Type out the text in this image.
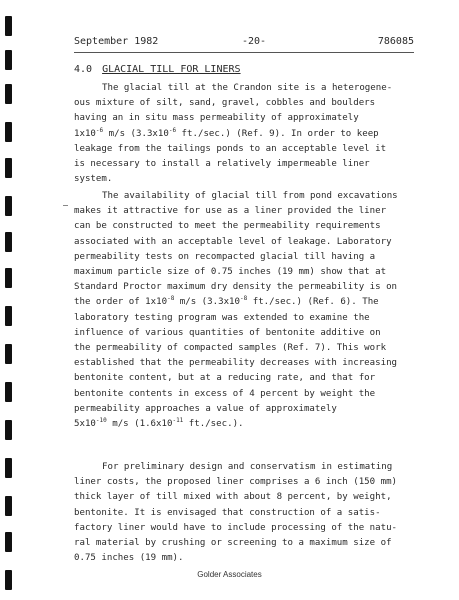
September 1982	-20-	786085
4.0 GLACIAL TILL FOR LINERS

The glacial till at the Crandon site is a heterogene-
ous mixture of silt, sand, gravel, cobbles and boulders
having an in situ mass permeability of approximately
$1x10^{-6}$ m/s ($3.3x10^{-6}$ ft./sec.) (Ref. 9). In order to keep
leakage from the tailings ponds to an acceptable level it
is necessary to install a relatively impermeable liner
system.

The availability of glacial till from pond excavations
makes it attractive for use as a liner provided the liner
can be constructed to meet the permeability requirements
associated with an acceptable level of leakage. Laboratory
permeability tests on recompacted glacial till having a
maximum particle size of 0.75 inches (19 mm) show that at
Standard Proctor maximum dry density the permeability is on
the order of $1x10^{-8}$ m/s ($3.3x10^{-8}$ ft./sec.) (Ref. 6). The
laboratory testing program was extended to examine the
influence of various quantities of bentonite additive on
the permeability of compacted samples (Ref. 7). This work
established that the permeability decreases with increasing
bentonite content, but at a reducing rate, and that for
bentonite contents in excess of 4 percent by weight the
permeability approaches a value of approximately
$5x10^{-10}$ m/s ($1.6x10^{-11}$ ft./sec.).

For preliminary design and conservatism in estimating
liner costs, the proposed liner comprises a 6 inch (150 mm)
thick layer of till mixed with about 8 percent, by weight,
bentonite. It is envisaged that construction of a satis-
factory liner would have to include processing of the natu-
ral material by crushing or screening to a maximum size of
0.75 inches (19 mm).

Golder Associates
